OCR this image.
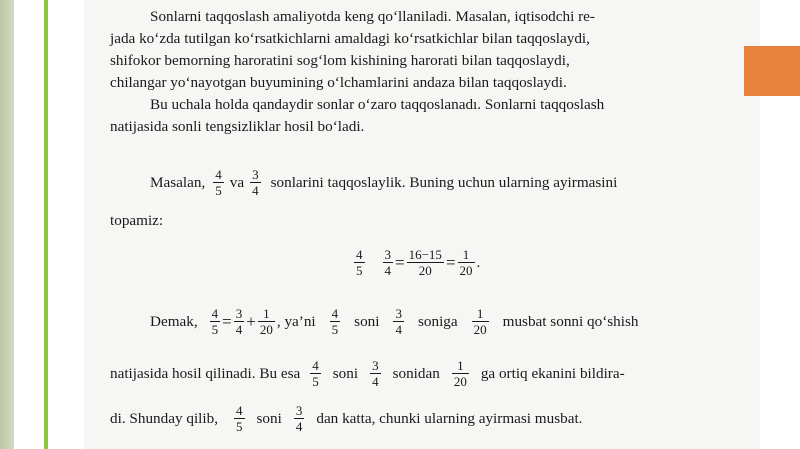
Sonlarni taqqoslash amaliyotda keng qo‘llaniladi. Masalan, iqtisodchi re-
jada ko‘zda tutilgan ko‘rsatkichlarni amaldagi ko‘rsatkichlar bilan taqqoslaydi,
shifokor bemorning haroratini sog‘lom kishining harorati bilan taqqoslaydi,
chilangar yo‘nayotgan buyumining o‘lchamlarini andaza bilan taqqoslaydi.
Bu uchala holda qandaydir sonlar o‘zaro taqqoslanadı. Sonlarni taqqoslash
natijasida sonli tengsizliklar hosil bo‘ladi.
Masalan, $\frac{4}{5}$ va $\frac{3}{4}$ sonlarini taqqoslaylik. Buning uchun ularning ayirmasini
topamiz:
$\frac{4}{5} \frac{3}{4} = \frac{16-15}{20} = \frac{1}{20}$ .
Demak, $\frac{4}{5} = \frac{3}{4} + \frac{1}{20}$ , ya’ni $\frac{4}{5}$ soni $\frac{3}{4}$ soniga $\frac{1}{20}$ musbat sonni qo‘shish
natijasida hosil qilinadi. Bu esa $\frac{4}{5}$ soni $\frac{3}{4}$ sonidan $\frac{1}{20}$ ga ortiq ekanini bildira-
di. Shunday qilib, $\frac{4}{5}$ soni $\frac{3}{4}$ dan katta, chunki ularning ayirmasi musbat.
